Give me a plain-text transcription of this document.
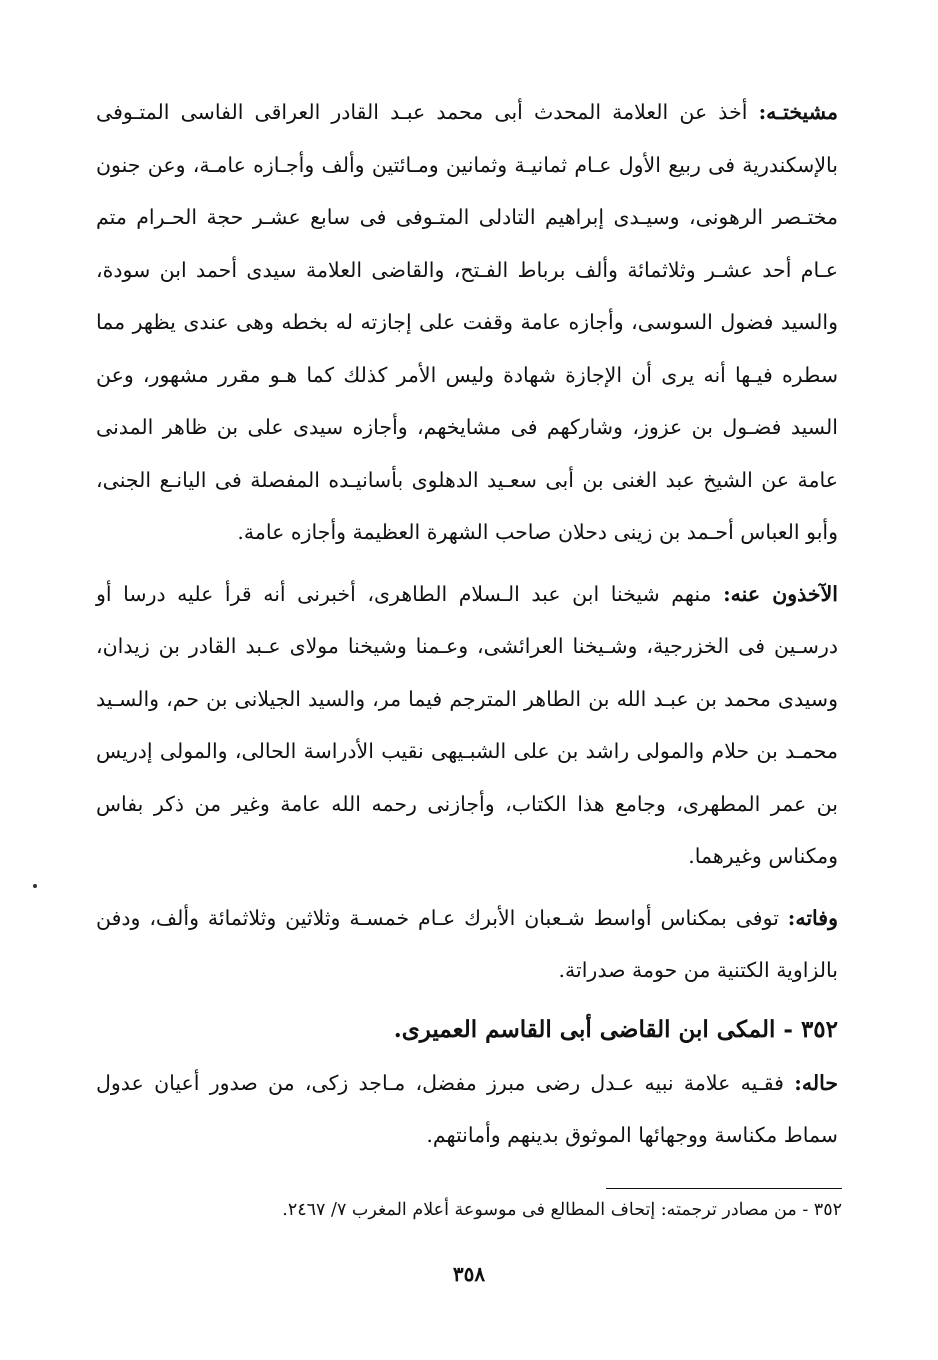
مشيختـه: أخذ عن العلامة المحدث أبى محمد عبـد القادر العراقى الفاسى المتـوفى بالإسكندرية فى ربيع الأول عـام ثمانيـة وثمانين ومـائتين وألف وأجـازه عامـة، وعن جنون مختـصر الرهونى، وسيـدى إبراهيم التادلى المتـوفى فى سابع عشـر حجة الحـرام متم عـام أحد عشـر وثلاثمائة وألف برباط الفـتح، والقاضى العلامة سيدى أحمد ابن سودة، والسيد فضول السوسى، وأجازه عامة وقفت على إجازته له بخطه وهى عندى يظهر مما سطره فيـها أنه يرى أن الإجازة شهادة وليس الأمر كذلك كما هـو مقرر مشهور، وعن السيد فضـول بن عزوز، وشاركهم فى مشايخهم، وأجازه سيدى على بن ظاهر المدنى عامة عن الشيخ عبد الغنى بن أبى سعـيد الدهلوى بأسانيـده المفصلة فى اليانـع الجنى، وأبو العباس أحـمد بن زينى دحلان صاحب الشهرة العظيمة وأجازه عامة.

الآخذون عنه: منهم شيخنا ابن عبد الـسلام الطاهرى، أخبرنى أنه قرأ عليه درسا أو درسـين فى الخزرجية، وشـيخنا العرائشى، وعـمنا وشيخنا مولاى عـبد القادر بن زيدان، وسيدى محمد بن عبـد الله بن الطاهر المترجم فيما مر، والسيد الجيلانى بن حم، والسـيد محمـد بن حلام والمولى راشد بن على الشبـيهى نقيب الأدراسة الحالى، والمولى إدريس بن عمر المطهرى، وجامع هذا الكتاب، وأجازنى رحمه الله عامة وغير من ذكر بفاس ومكناس وغيرهما.

وفاته: توفى بمكناس أواسط شـعبان الأبرك عـام خمسـة وثلاثين وثلاثمائة وألف، ودفن بالزاوية الكتنية من حومة صدراتة.

٣٥٢ - المكى ابن القاضى أبى القاسم العميرى.

حاله: فقـيه علامة نبيه عـدل رضى مبرز مفضل، مـاجد زكى، من صدور أعيان عدول سماط مكناسة ووجهائها الموثوق بدينهم وأمانتهم.

٣٥٢ - من مصادر ترجمته: إتحاف المطالع فى موسوعة أعلام المغرب ٧/ ٢٤٦٧.

٣٥٨
